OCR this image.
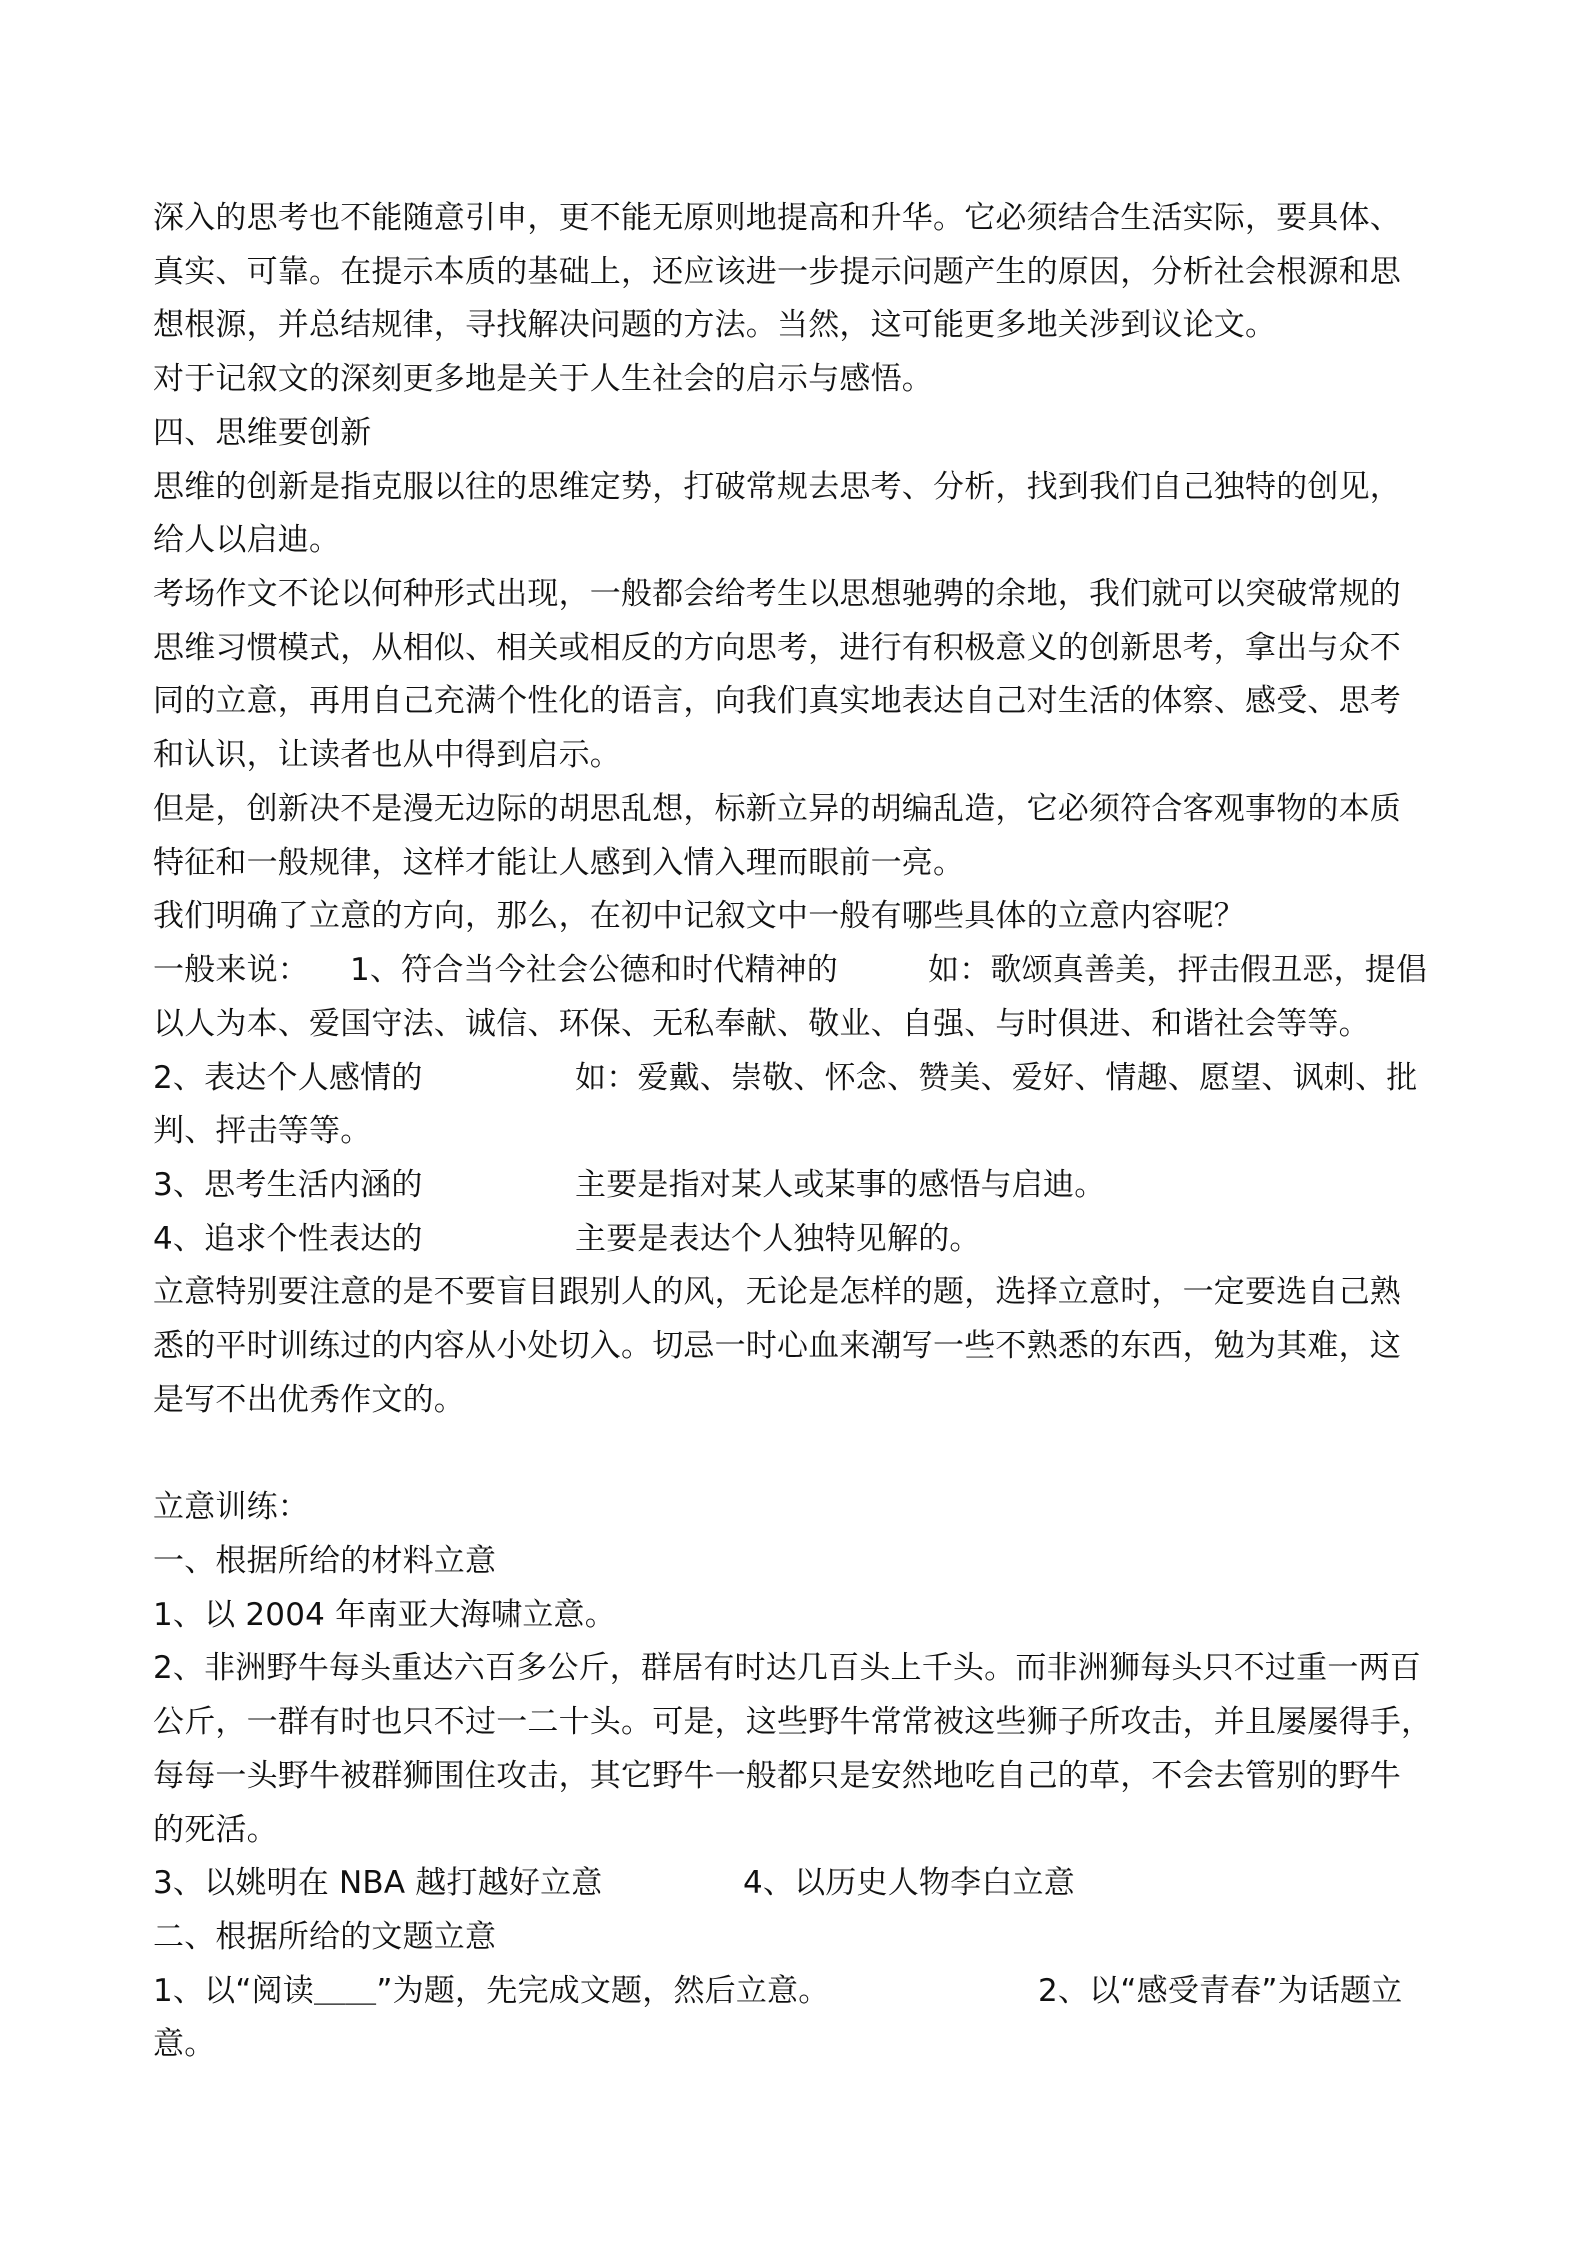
深入的思考也不能随意引申，更不能无原则地提高和升华。它必须结合生活实际，要具体、
真实、可靠。在提示本质的基础上，还应该进一步提示问题产生的原因，分析社会根源和思
想根源，并总结规律，寻找解决问题的方法。当然，这可能更多地关涉到议论文。
对于记叙文的深刻更多地是关于人生社会的启示与感悟。
四、思维要创新
思维的创新是指克服以往的思维定势，打破常规去思考、分析，找到我们自己独特的创见，
给人以启迪。
考场作文不论以何种形式出现，一般都会给考生以思想驰骋的余地，我们就可以突破常规的
思维习惯模式，从相似、相关或相反的方向思考，进行有积极意义的创新思考，拿出与众不
同的立意，再用自己充满个性化的语言，向我们真实地表达自己对生活的体察、感受、思考
和认识，让读者也从中得到启示。
但是，创新决不是漫无边际的胡思乱想，标新立异的胡编乱造，它必须符合客观事物的本质
特征和一般规律，这样才能让人感到入情入理而眼前一亮。
我们明确了立意的方向，那么，在初中记叙文中一般有哪些具体的立意内容呢？
一般来说： 1、符合当今社会公德和时代精神的	如：歌颂真善美，抨击假丑恶，提倡
以人为本、爱国守法、诚信、环保、无私奉献、敬业、自强、与时俱进、和谐社会等等。
2、表达个人感情的	如：爱戴、崇敬、怀念、赞美、爱好、情趣、愿望、讽刺、批
判、抨击等等。
3、思考生活内涵的	主要是指对某人或某事的感悟与启迪。
4、追求个性表达的	主要是表达个人独特见解的。
立意特别要注意的是不要盲目跟别人的风，无论是怎样的题，选择立意时，一定要选自己熟
悉的平时训练过的内容从小处切入。切忌一时心血来潮写一些不熟悉的东西，勉为其难，这
是写不出优秀作文的。
立意训练：
一、根据所给的材料立意
1、以 2004 年南亚大海啸立意。
2、非洲野牛每头重达六百多公斤，群居有时达几百头上千头。而非洲狮每头只不过重一两百
公斤，一群有时也只不过一二十头。可是，这些野牛常常被这些狮子所攻击，并且屡屡得手，
每每一头野牛被群狮围住攻击，其它野牛一般都只是安然地吃自己的草，不会去管别的野牛
的死活。
3、以姚明在 NBA 越打越好立意	4、以历史人物李白立意
二、根据所给的文题立意
1、以“阅读＿＿”为题，先完成文题，然后立意。	2、以“感受青春”为话题立
意。
